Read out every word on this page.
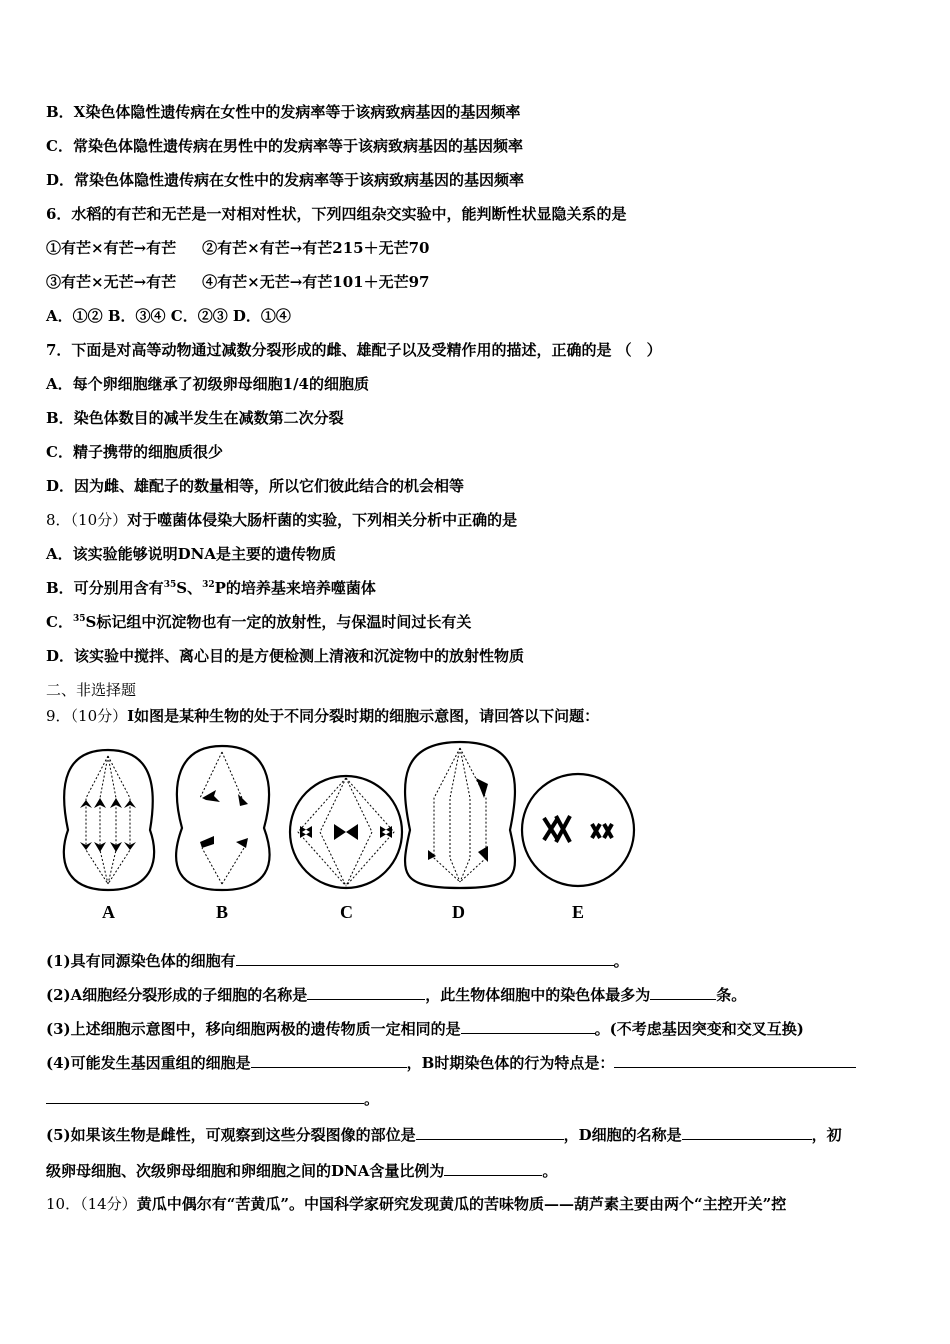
B．X染色体隐性遗传病在女性中的发病率等于该病致病基因的基因频率
C．常染色体隐性遗传病在男性中的发病率等于该病致病基因的基因频率
D．常染色体隐性遗传病在女性中的发病率等于该病致病基因的基因频率
6．水稻的有芒和无芒是一对相对性状，下列四组杂交实验中，能判断性状显隐关系的是
①有芒×有芒→有芒 ②有芒×有芒→有芒215＋无芒70
③有芒×无芒→有芒 ④有芒×无芒→有芒101＋无芒97
A．①② B．③④ C．②③ D．①④
7．下面是对高等动物通过减数分裂形成的雌、雄配子以及受精作用的描述，正确的是 （　）
A．每个卵细胞继承了初级卵母细胞1/4的细胞质
B．染色体数目的减半发生在减数第二次分裂
C．精子携带的细胞质很少
D．因为雌、雄配子的数量相等，所以它们彼此结合的机会相等
8．（10分）对于噬菌体侵染大肠杆菌的实验，下列相关分析中正确的是
A．该实验能够说明DNA是主要的遗传物质
B．可分别用含有$^{35}$S、$^{32}$P的培养基来培养噬菌体
C．$^{35}$S标记组中沉淀物也有一定的放射性，与保温时间过长有关
D．该实验中搅拌、离心目的是方便检测上清液和沉淀物中的放射性物质
二、非选择题
9．（10分）I如图是某种生物的处于不同分裂时期的细胞示意图，请回答以下问题：
A	B	C	D	E
(1)具有同源染色体的细胞有	。
(2)A细胞经分裂形成的子细胞的名称是	，此生物体细胞中的染色体最多为	条。
(3)上述细胞示意图中，移向细胞两极的遗传物质一定相同的是	。(不考虑基因突变和交叉互换)
(4)可能发生基因重组的细胞是	，B时期染色体的行为特点是：
。
(5)如果该生物是雌性，可观察到这些分裂图像的部位是	，D细胞的名称是	，初
级卵母细胞、次级卵母细胞和卵细胞之间的DNA含量比例为	。
10．（14分）黄瓜中偶尔有“苦黄瓜”。中国科学家研究发现黄瓜的苦味物质——葫芦素主要由两个“主控开关”控
